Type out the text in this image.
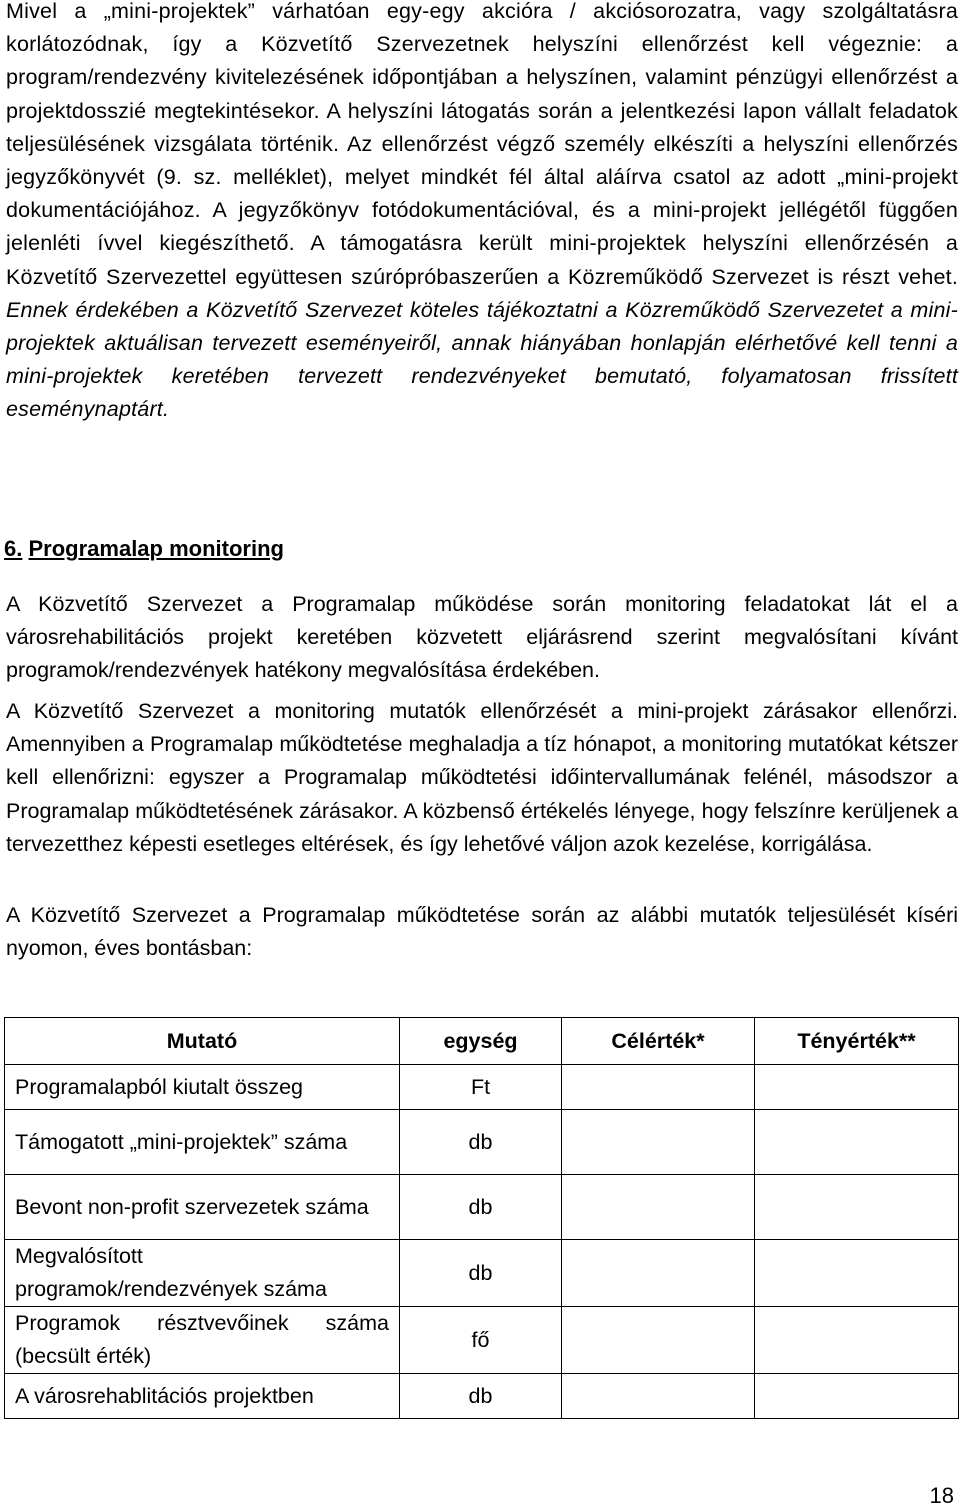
Mivel a „mini-projektek” várhatóan egy-egy akcióra / akciósorozatra, vagy szolgáltatásra korlátozódnak, így a Közvetítő Szervezetnek helyszíni ellenőrzést kell végeznie: a program/rendezvény kivitelezésének időpontjában a helyszínen, valamint pénzügyi ellenőrzést a projektdosszié megtekintésekor. A helyszíni látogatás során a jelentkezési lapon vállalt feladatok teljesülésének vizsgálata történik. Az ellenőrzést végző személy elkészíti a helyszíni ellenőrzés jegyzőkönyvét (9. sz. melléklet), melyet mindkét fél által aláírva csatol az adott „mini-projekt dokumentációjához. A jegyzőkönyv fotódokumentációval, és a mini-projekt jellégétől függően jelenléti ívvel kiegészíthető. A támogatásra került mini-projektek helyszíni ellenőrzésén a Közvetítő Szervezettel együttesen szúrópróbaszerűen a Közreműködő Szervezet is részt vehet. Ennek érdekében a Közvetítő Szervezet köteles tájékoztatni a Közreműködő Szervezetet a mini-projektek aktuálisan tervezett eseményeiről, annak hiányában honlapján elérhetővé kell tenni a mini-projektek keretében tervezett rendezvényeket bemutató, folyamatosan frissített eseménynaptárt.

6. Programalap monitoring

A Közvetítő Szervezet a Programalap működése során monitoring feladatokat lát el a városrehabilitációs projekt keretében közvetett eljárásrend szerint megvalósítani kívánt programok/rendezvények hatékony megvalósítása érdekében.

A Közvetítő Szervezet a monitoring mutatók ellenőrzését a mini-projekt zárásakor ellenőrzi. Amennyiben a Programalap működtetése meghaladja a tíz hónapot, a monitoring mutatókat kétszer kell ellenőrizni: egyszer a Programalap működtetési időintervallumának felénél, másodszor a Programalap működtetésének zárásakor. A közbenső értékelés lényege, hogy felszínre kerüljenek a tervezetthez képesti esetleges eltérések, és így lehetővé váljon azok kezelése, korrigálása.

A Közvetítő Szervezet a Programalap működtetése során az alábbi mutatók teljesülését kíséri nyomon, éves bontásban:

Mutató	egység	Célérték*	Tényérték**
Programalapból kiutalt összeg	Ft		
Támogatott „mini-projektek” száma	db		
Bevont non-profit szervezetek száma	db		
Megvalósított programok/rendezvények száma	db		
Programok résztvevőinek száma (becsült érték)	fő		
A városrehablitációs projektben	db		
18
